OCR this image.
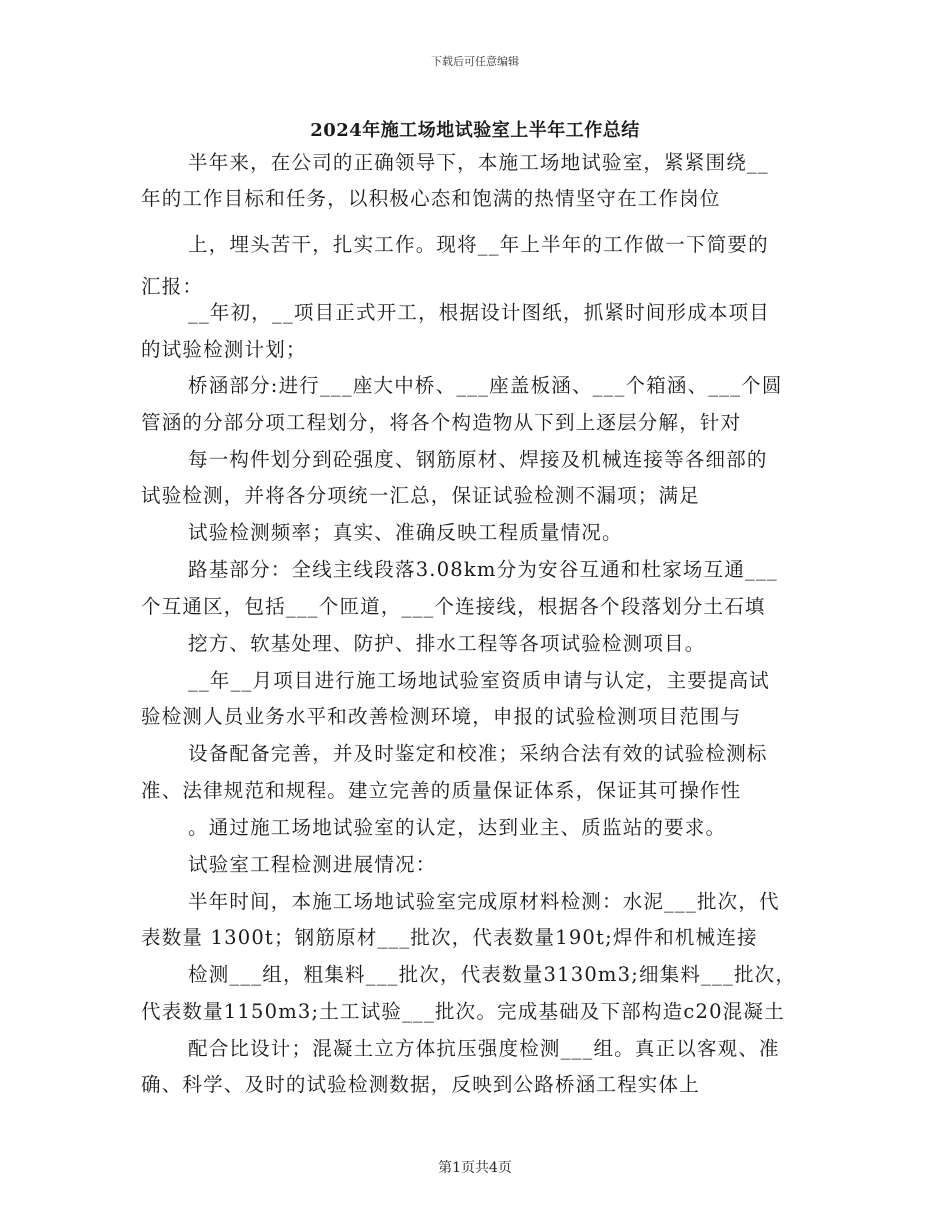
下载后可任意编辑
2024年施工场地试验室上半年工作总结
半年来，在公司的正确领导下，本施工场地试验室，紧紧围绕__
年的工作目标和任务，以积极心态和饱满的热情坚守在工作岗位
上，埋头苦干，扎实工作。现将__年上半年的工作做一下简要的
汇报：
__年初，__项目正式开工，根据设计图纸，抓紧时间形成本项目
的试验检测计划；
桥涵部分:进行___座大中桥、___座盖板涵、___个箱涵、___个圆
管涵的分部分项工程划分，将各个构造物从下到上逐层分解，针对
每一构件划分到砼强度、钢筋原材、焊接及机械连接等各细部的
试验检测，并将各分项统一汇总，保证试验检测不漏项；满足
试验检测频率；真实、准确反映工程质量情况。
路基部分：全线主线段落3.08km分为安谷互通和杜家场互通___
个互通区，包括___个匝道，___个连接线，根据各个段落划分土石填
挖方、软基处理、防护、排水工程等各项试验检测项目。
__年__月项目进行施工场地试验室资质申请与认定，主要提高试
验检测人员业务水平和改善检测环境，申报的试验检测项目范围与
设备配备完善，并及时鉴定和校准；采纳合法有效的试验检测标
准、法律规范和规程。建立完善的质量保证体系，保证其可操作性
。通过施工场地试验室的认定，达到业主、质监站的要求。
试验室工程检测进展情况：
半年时间，本施工场地试验室完成原材料检测：水泥___批次，代
表数量 1300t；钢筋原材___批次，代表数量190t;焊件和机械连接
检测___组，粗集料___批次，代表数量3130m3;细集料___批次，
代表数量1150m3;土工试验___批次。完成基础及下部构造c20混凝土
配合比设计；混凝土立方体抗压强度检测___组。真正以客观、准
确、科学、及时的试验检测数据，反映到公路桥涵工程实体上
第1页共4页
